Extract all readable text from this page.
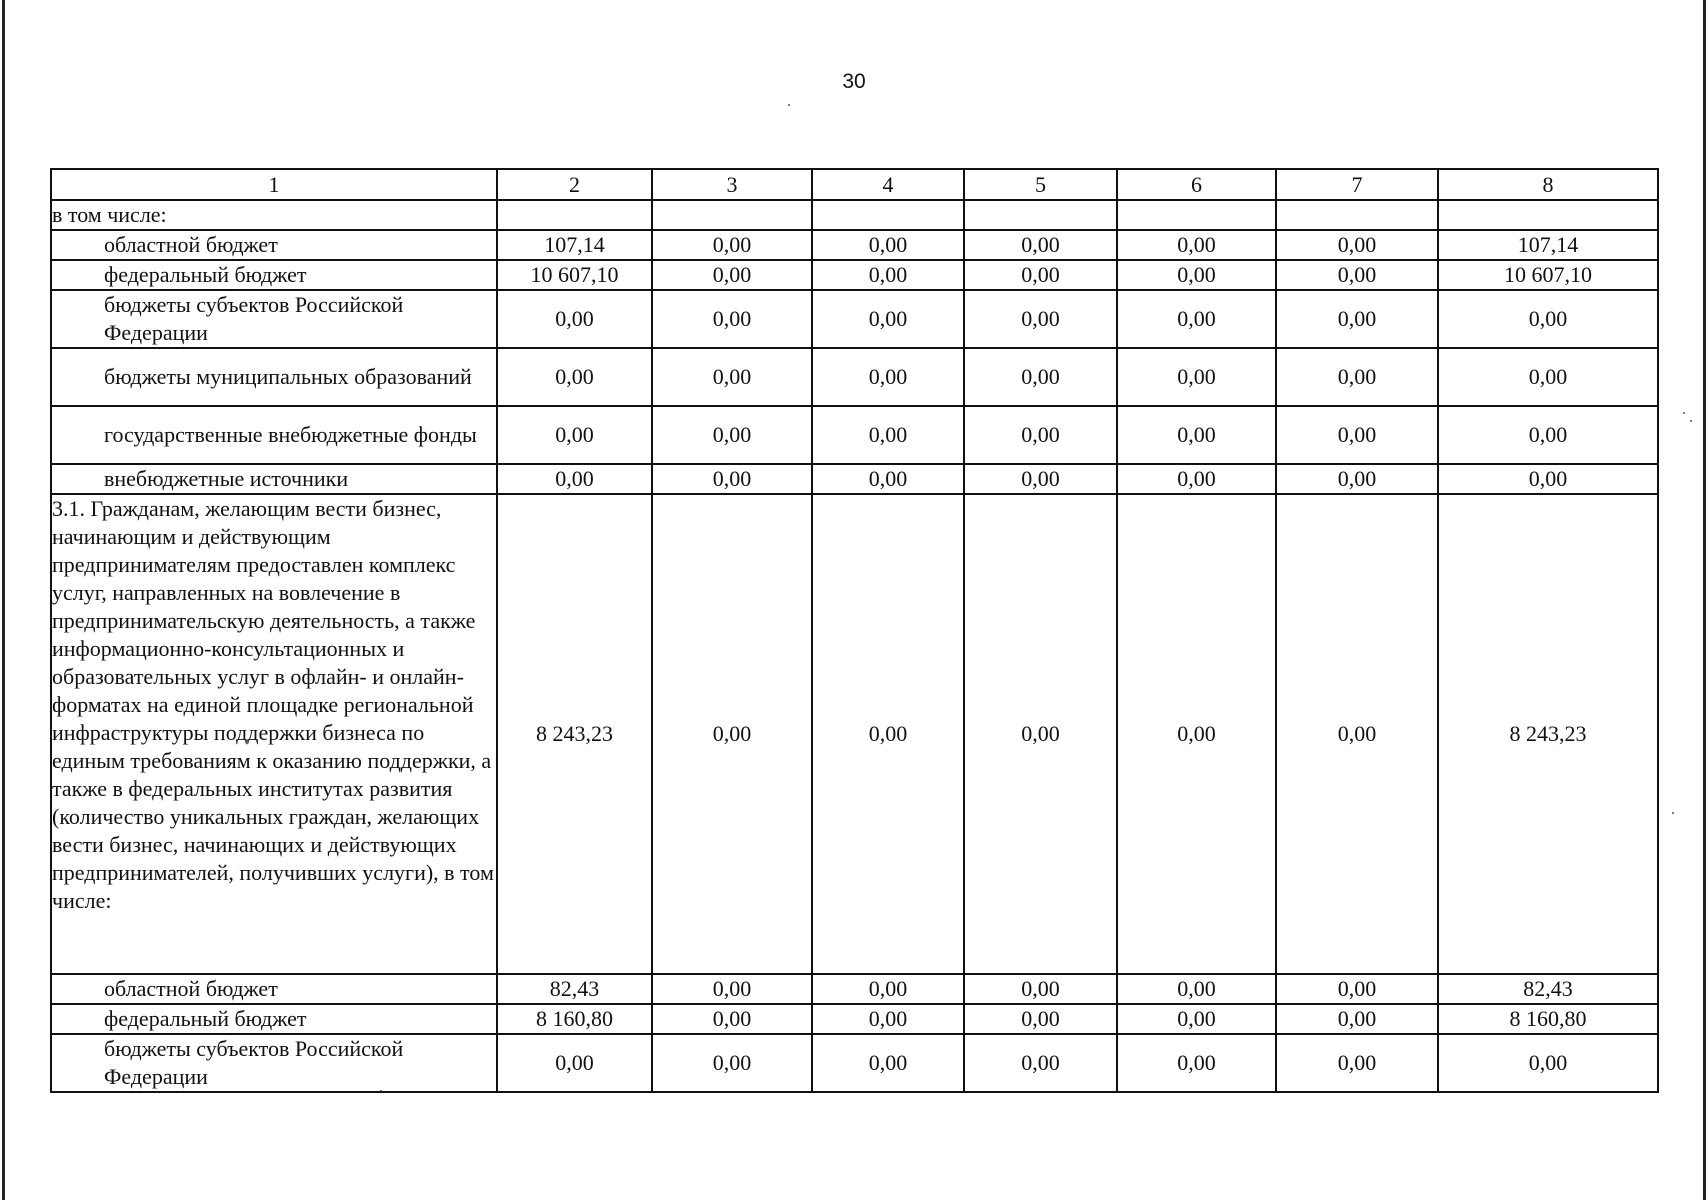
30
1	2	3	4	5	6	7	8
в том числе:							
областной бюджет	107,14	0,00	0,00	0,00	0,00	0,00	107,14
федеральный бюджет	10 607,10	0,00	0,00	0,00	0,00	0,00	10 607,10
бюджеты субъектов Российской Федерации	0,00	0,00	0,00	0,00	0,00	0,00	0,00
бюджеты муниципальных образований	0,00	0,00	0,00	0,00	0,00	0,00	0,00
государственные внебюджетные фонды	0,00	0,00	0,00	0,00	0,00	0,00	0,00
внебюджетные источники	0,00	0,00	0,00	0,00	0,00	0,00	0,00
3.1. Гражданам, желающим вести бизнес, начинающим и действующим предпринимателям предоставлен комплекс услуг, направленных на вовлечение в предпринимательскую деятельность, а также информационно-консультационных и образовательных услуг в офлайн- и онлайн-форматах на единой площадке региональной инфраструктуры поддержки бизнеса по единым требованиям к оказанию поддержки, а также в федеральных институтах развития (количество уникальных граждан, желающих вести бизнес, начинающих и действующих предпринимателей, получивших услуги), в том числе:	8 243,23	0,00	0,00	0,00	0,00	0,00	8 243,23
областной бюджет	82,43	0,00	0,00	0,00	0,00	0,00	82,43
федеральный бюджет	8 160,80	0,00	0,00	0,00	0,00	0,00	8 160,80
бюджеты субъектов Российской Федерации	0,00	0,00	0,00	0,00	0,00	0,00	0,00
